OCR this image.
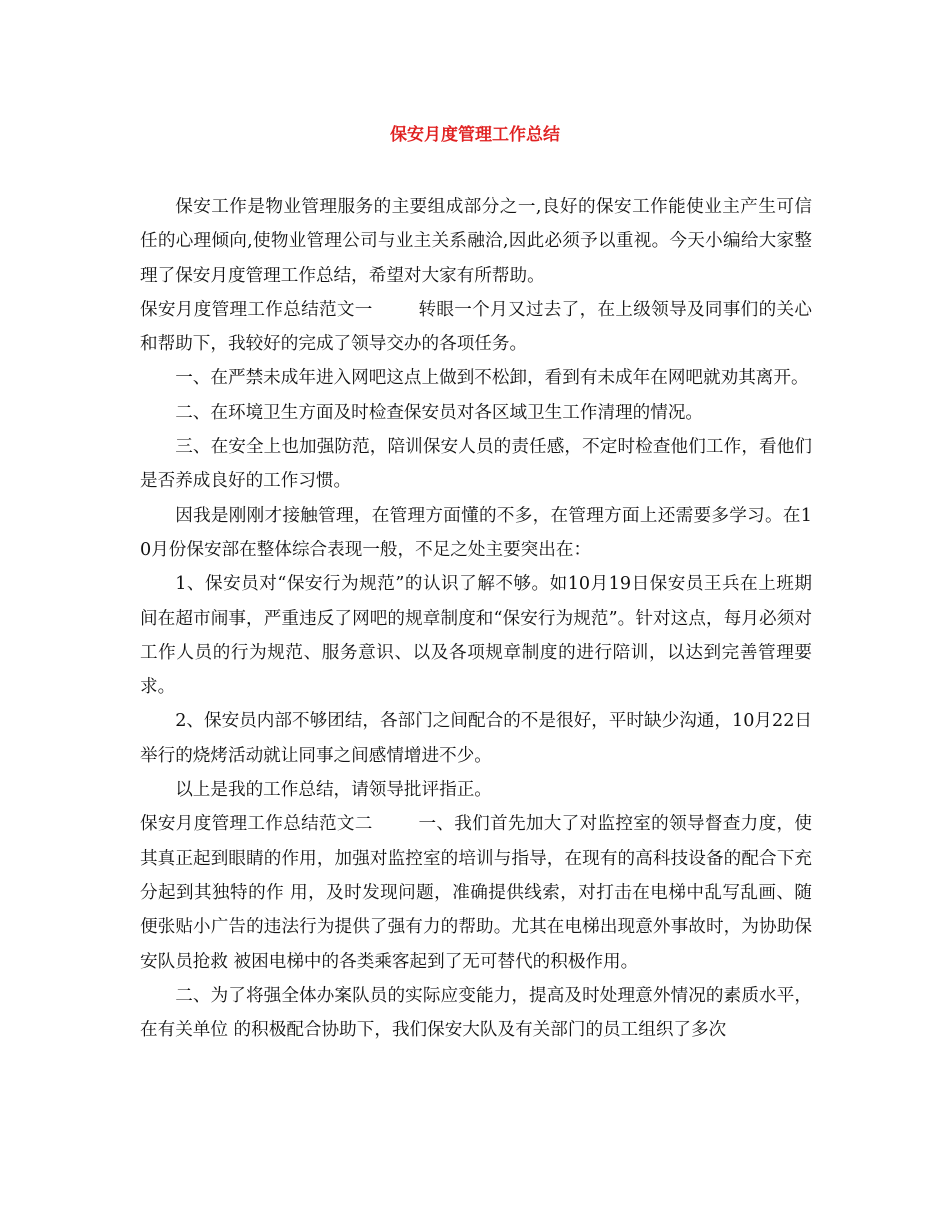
保安月度管理工作总结

保安工作是物业管理服务的主要组成部分之一,良好的保安工作能使业主产生可信任的心理倾向,使物业管理公司与业主关系融洽,因此必须予以重视。今天小编给大家整理了保安月度管理工作总结，希望对大家有所帮助。

保安月度管理工作总结范文一	转眼一个月又过去了，在上级领导及同事们的关心和帮助下，我较好的完成了领导交办的各项任务。

一、在严禁未成年进入网吧这点上做到不松卸，看到有未成年在网吧就劝其离开。

二、在环境卫生方面及时检查保安员对各区域卫生工作清理的情况。

三、在安全上也加强防范，陪训保安人员的责任感，不定时检查他们工作，看他们是否养成良好的工作习惯。

因我是刚刚才接触管理，在管理方面懂的不多，在管理方面上还需要多学习。在10月份保安部在整体综合表现一般，不足之处主要突出在：

1、保安员对“保安行为规范”的认识了解不够。如10月19日保安员王兵在上班期间在超市闹事，严重违反了网吧的规章制度和“保安行为规范”。针对这点，每月必须对工作人员的行为规范、服务意识、以及各项规章制度的进行陪训，以达到完善管理要求。

2、保安员内部不够团结，各部门之间配合的不是很好，平时缺少沟通，10月22日举行的烧烤活动就让同事之间感情增进不少。

以上是我的工作总结，请领导批评指正。

保安月度管理工作总结范文二	一、我们首先加大了对监控室的领导督查力度，使其真正起到眼睛的作用，加强对监控室的培训与指导，在现有的高科技设备的配合下充分起到其独特的作 用，及时发现问题，准确提供线索，对打击在电梯中乱写乱画、随便张贴小广告的违法行为提供了强有力的帮助。尤其在电梯出现意外事故时，为协助保安队员抢救 被困电梯中的各类乘客起到了无可替代的积极作用。

二、为了将强全体办案队员的实际应变能力，提高及时处理意外情况的素质水平，在有关单位 的积极配合协助下，我们保安大队及有关部门的员工组织了多次
